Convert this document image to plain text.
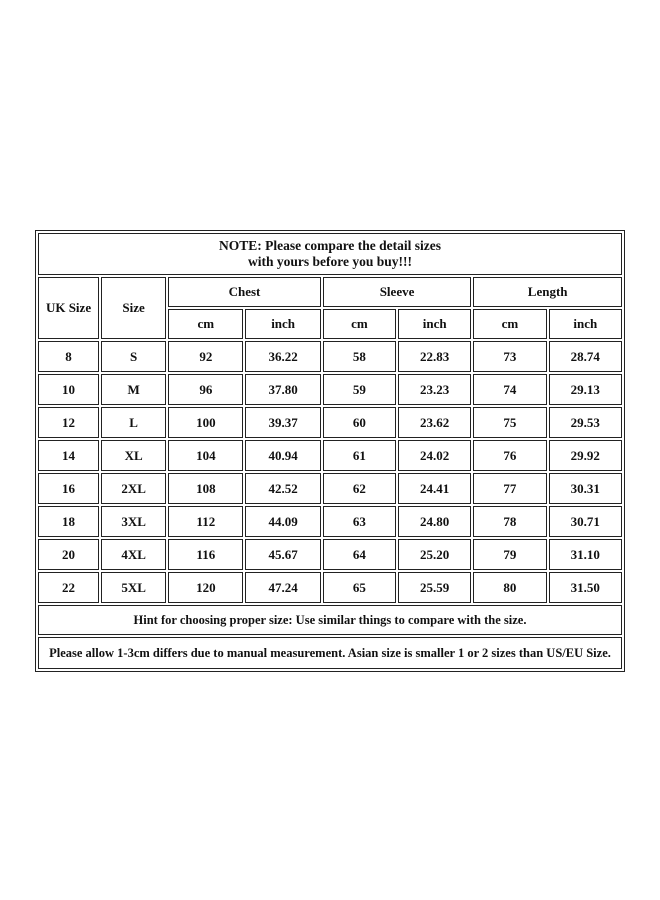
NOTE: Please compare the detail sizes
with yours before you buy!!!							
UK Size	Size	Chest		Sleeve		Length	
		cm	inch	cm	inch	cm	inch
8	S	92	36.22	58	22.83	73	28.74
10	M	96	37.80	59	23.23	74	29.13
12	L	100	39.37	60	23.62	75	29.53
14	XL	104	40.94	61	24.02	76	29.92
16	2XL	108	42.52	62	24.41	77	30.31
18	3XL	112	44.09	63	24.80	78	30.71
20	4XL	116	45.67	64	25.20	79	31.10
22	5XL	120	47.24	65	25.59	80	31.50
Hint for choosing proper size: Use similar things to compare with the size.							
Please allow 1-3cm differs due to manual measurement. Asian size is smaller 1 or 2 sizes than US/EU Size.							
